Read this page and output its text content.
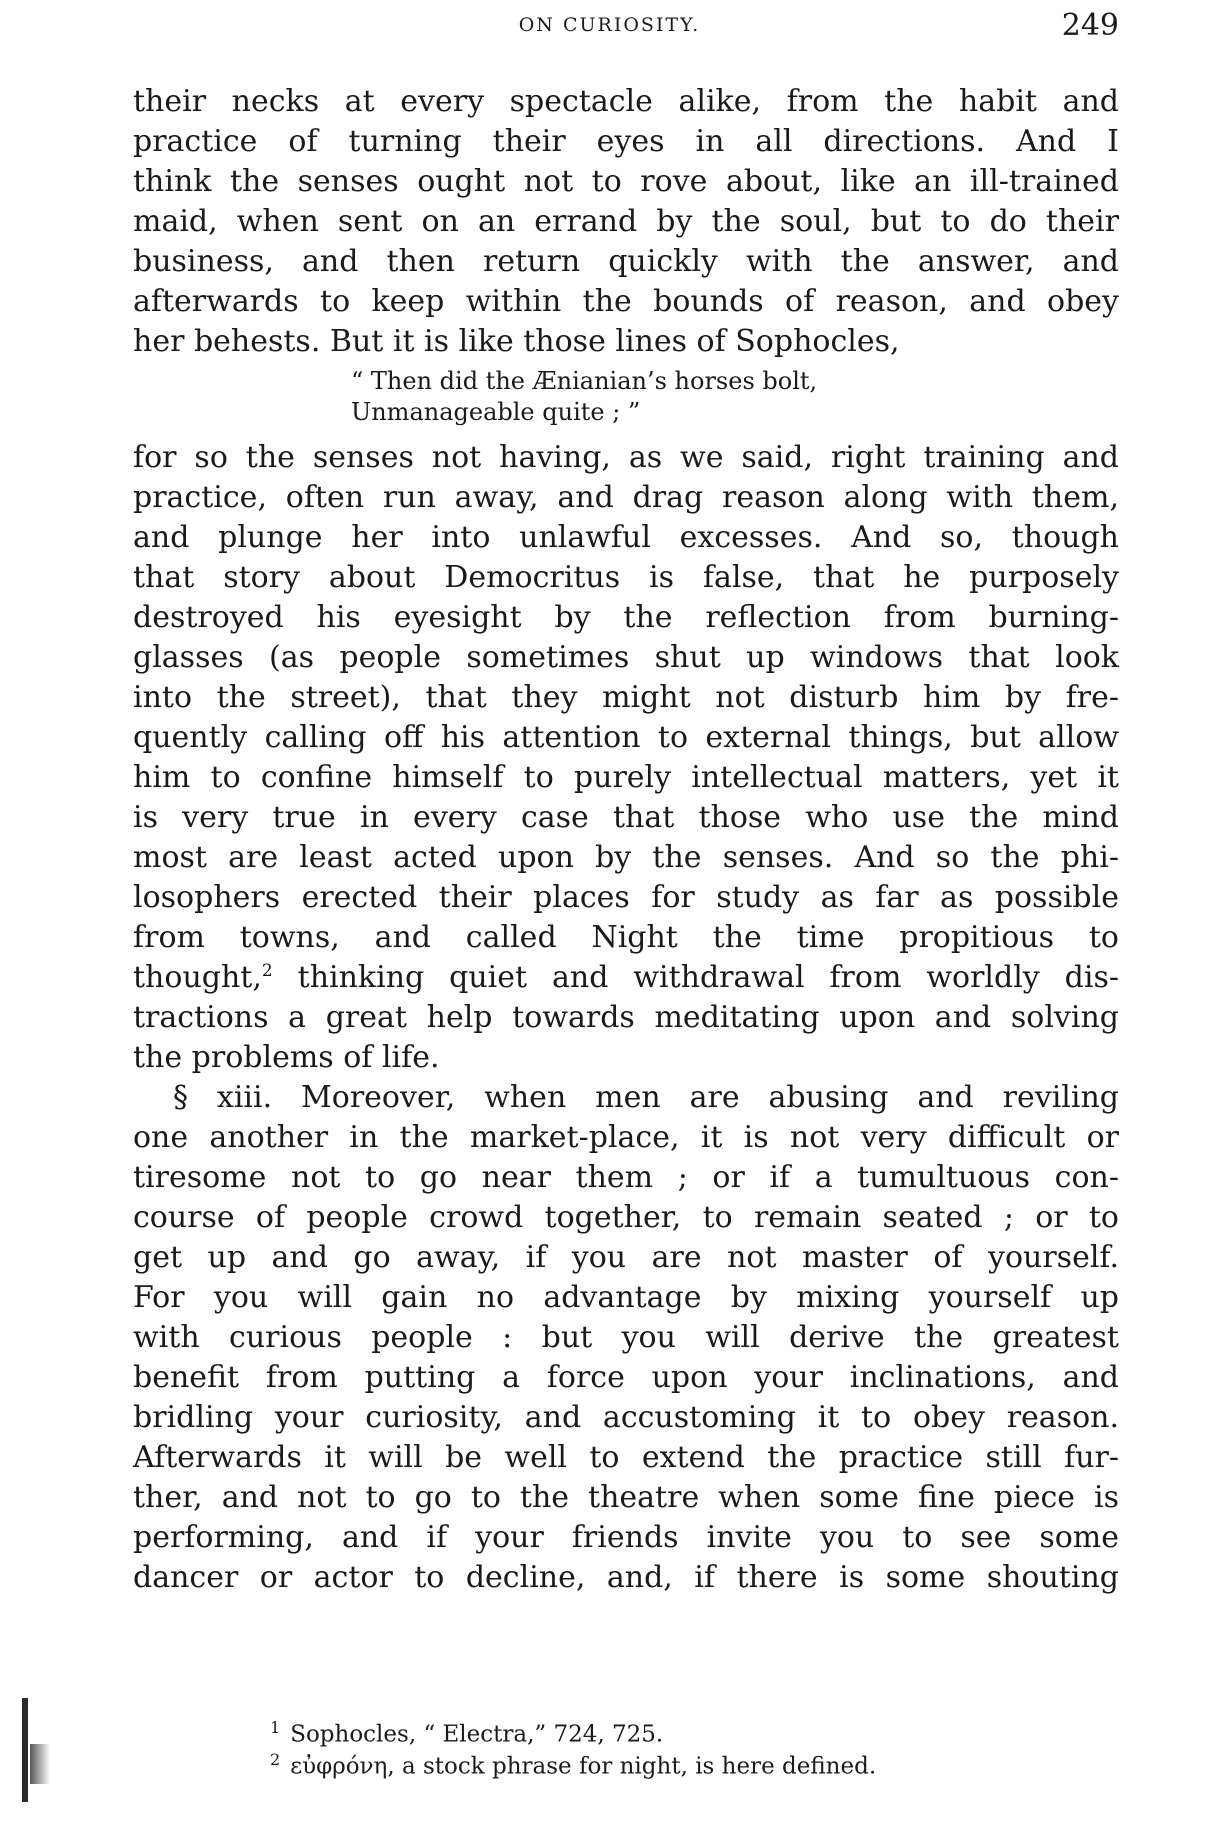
ON CURIOSITY.	249
their necks at every spectacle alike, from the habit and
practice of turning their eyes in all directions. And I
think the senses ought not to rove about, like an ill-trained
maid, when sent on an errand by the soul, but to do their
business, and then return quickly with the answer, and
afterwards to keep within the bounds of reason, and obey
her behests. But it is like those lines of Sophocles,
“ Then did the Ænianian’s horses bolt,
Unmanageable quite ; ”
for so the senses not having, as we said, right training and
practice, often run away, and drag reason along with them,
and plunge her into unlawful excesses. And so, though
that story about Democritus is false, that he purposely
destroyed his eyesight by the reflection from burning-
glasses (as people sometimes shut up windows that look
into the street), that they might not disturb him by fre-
quently calling off his attention to external things, but allow
him to confine himself to purely intellectual matters, yet it
is very true in every case that those who use the mind
most are least acted upon by the senses. And so the phi-
losophers erected their places for study as far as possible
from towns, and called Night the time propitious to
thought,$^2$ thinking quiet and withdrawal from worldly dis-
tractions a great help towards meditating upon and solving
the problems of life.
§ xiii. Moreover, when men are abusing and reviling
one another in the market-place, it is not very difficult or
tiresome not to go near them ; or if a tumultuous con-
course of people crowd together, to remain seated ; or to
get up and go away, if you are not master of yourself.
For you will gain no advantage by mixing yourself up
with curious people : but you will derive the greatest
benefit from putting a force upon your inclinations, and
bridling your curiosity, and accustoming it to obey reason.
Afterwards it will be well to extend the practice still fur-
ther, and not to go to the theatre when some fine piece is
performing, and if your friends invite you to see some
dancer or actor to decline, and, if there is some shouting
$^1$ Sophocles, “ Electra,” 724, 725.
$^2$ εὐφρόνη, a stock phrase for night, is here defined.
